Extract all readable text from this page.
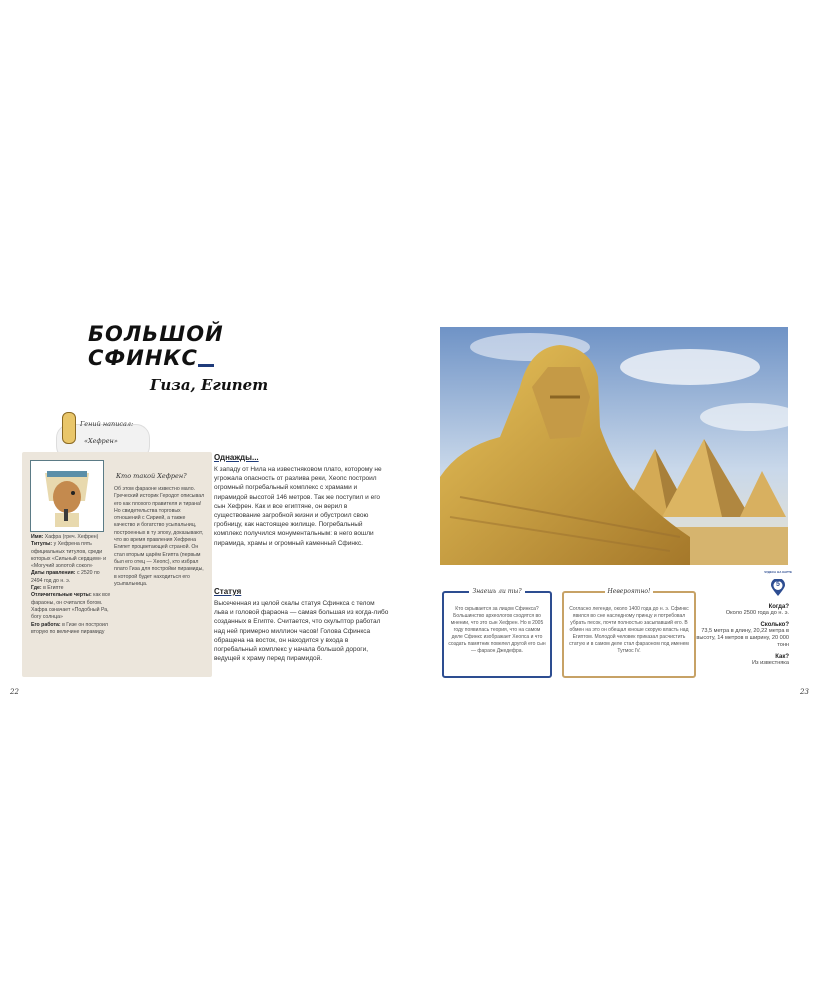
БОЛЬШОЙ СФИНКС
Гиза, Египет
Гений написал:
«Хефрен»
Кто такой Хефрен?

Об этом фараоне известно мало. Греческий историк Геродот описывал его как плохого правителя и тирана! Но свидетельства торговых отношений с Сирией, а также качество и богатство усыпальниц, построенных в ту эпоху, доказывают, что во время правления Хефрена Египет процветающей страной. Он стал вторым царём Египта (первым был его отец — Хеопс), кто избрал плато Гиза для постройки пирамиды, в которой будет находиться его усыпальница.

Имя: Хафра (греч. Хефрен)

Титулы: у Хефрена пять официальных титулов, среди которых «Сильный сердцем» и «Могучий золотой сокол»

Даты правления: с 2520 по 2494 год до н. э.

Где: в Египте

Отличительные черты: как все фараоны, он считался богом. Хафра означает «Подобный Ра, богу солнца»

Его работа: в Гизе он построил вторую по величине пирамиду

Однажды...
К западу от Нила на известняковом плато, которому не угрожала опасность от разлива реки, Хеопс построил огромный погребальный комплекс с храмами и пирамидой высотой 146 метров. Так же поступил и его сын Хефрен. Как и все египтяне, он верил в существование загробной жизни и обустроил свою гробницу, как настоящее жилище. Погребальный комплекс получился монументальным: в него вошли пирамида, храмы и огромный каменный Сфинкс.
Статуя
Высеченная из целой скалы статуя Сфинкса с телом льва и головой фараона — самая большая из когда-либо созданных в Египте. Считается, что скульптор работал над ней примерно миллион часов! Голова Сфинкса обращена на восток, он находится у входа в погребальный комплекс у начала большой дороги, ведущей к храму перед пирамидой.
Знаешь ли ты?
Кто скрывается за лицом Сфинкса? Большинство археологов сходятся во мнении, что это сын Хефрен. Но в 2005 году появилась теория, что на самом деле Сфинкс изображает Хеопса и что создать памятник повелел другой его сын — фараон Джедефра.
Невероятно!
Согласно легенде, около 1400 года до н. э. Сфинкс явился во сне наследному принцу и потребовал убрать песок, почти полностью засыпавший его. В обмен на это он обещал юноше скорую власть над Египтом. Молодой человек приказал расчистить статую и в самом деле стал фараоном под именем Тутмос IV.
ЧУДЕСА НА КАРТЕ
5
Когда?
Около 2500 года до н. э.
Сколько?
73,5 метра в длину, 20,22 метра в высоту, 14 метров в ширину, 20 000 тонн
Как?
Из известняка
22	23
